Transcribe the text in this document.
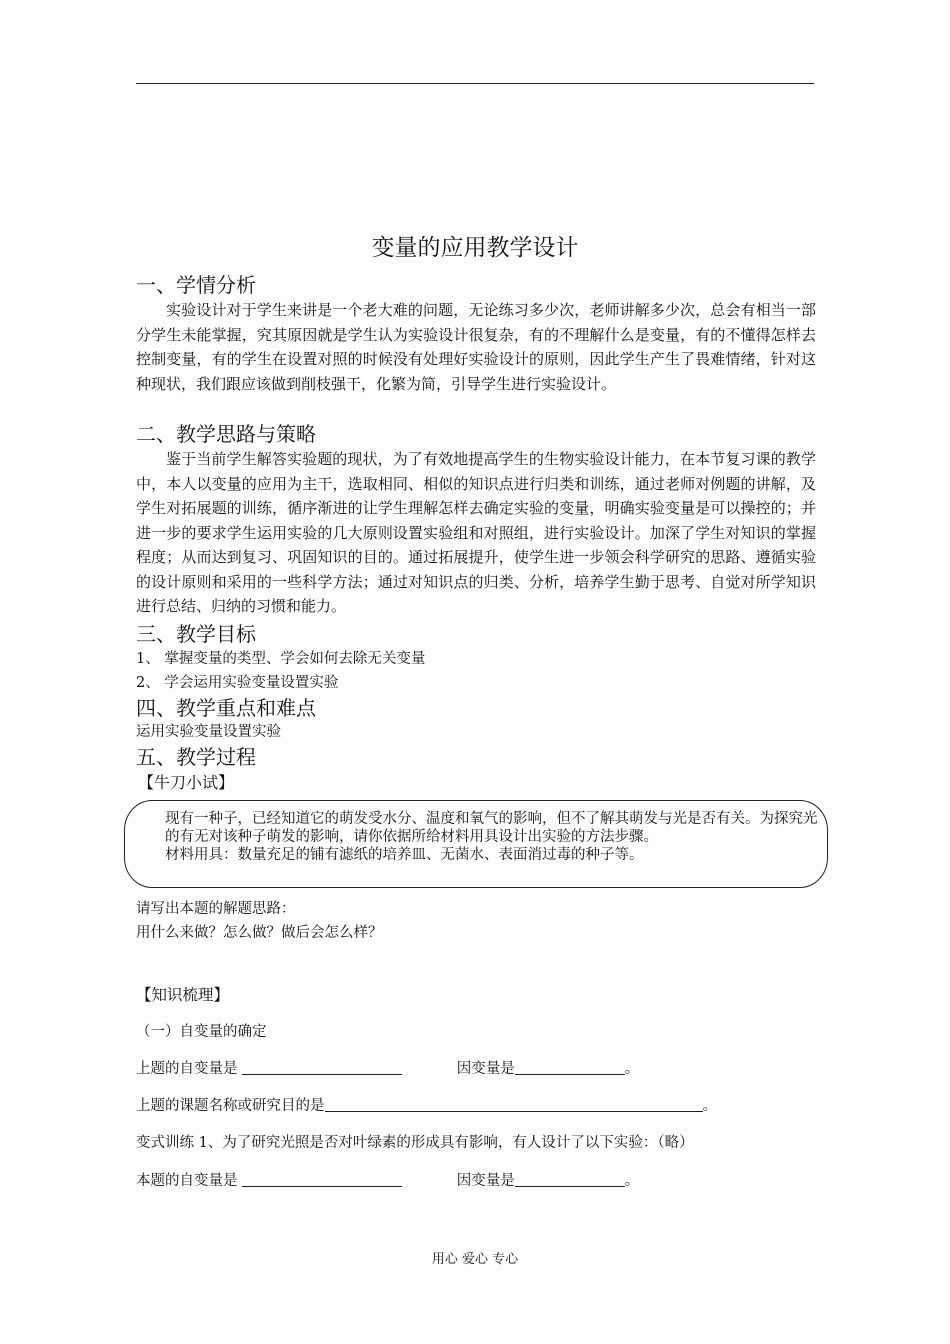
变量的应用教学设计
一、学情分析
实验设计对于学生来讲是一个老大难的问题，无论练习多少次，老师讲解多少次，总会有相当一部分学生未能掌握，究其原因就是学生认为实验设计很复杂，有的不理解什么是变量，有的不懂得怎样去控制变量，有的学生在设置对照的时候没有处理好实验设计的原则，因此学生产生了畏难情绪，针对这种现状，我们跟应该做到削枝强干，化繁为简，引导学生进行实验设计。
二、教学思路与策略
鉴于当前学生解答实验题的现状，为了有效地提高学生的生物实验设计能力，在本节复习课的教学中，本人以变量的应用为主干，选取相同、相似的知识点进行归类和训练，通过老师对例题的讲解，及学生对拓展题的训练，循序渐进的让学生理解怎样去确定实验的变量，明确实验变量是可以操控的；并进一步的要求学生运用实验的几大原则设置实验组和对照组，进行实验设计。加深了学生对知识的掌握程度；从而达到复习、巩固知识的目的。通过拓展提升，使学生进一步领会科学研究的思路、遵循实验的设计原则和采用的一些科学方法；通过对知识点的归类、分析，培养学生勤于思考、自觉对所学知识进行总结、归纳的习惯和能力。
三、教学目标
1、 掌握变量的类型、学会如何去除无关变量
2、 学会运用实验变量设置实验
四、教学重点和难点
运用实验变量设置实验
五、教学过程
【牛刀小试】
现有一种子，已经知道它的萌发受水分、温度和氧气的影响，但不了解其萌发与光是否有关。为探究光
的有无对该种子萌发的影响，请你依据所给材料用具设计出实验的方法步骤。
材料用具：数量充足的铺有滤纸的培养皿、无菌水、表面消过毒的种子等。
请写出本题的解题思路：
用什么来做？怎么做？做后会怎么样？
【知识梳理】
（一）自变量的确定
上题的自变量是	因变量是	。
上题的课题名称或研究目的是	。
变式训练 1、为了研究光照是否对叶绿素的形成具有影响，有人设计了以下实验：（略）
本题的自变量是	因变量是	。
用心 爱心 专心
